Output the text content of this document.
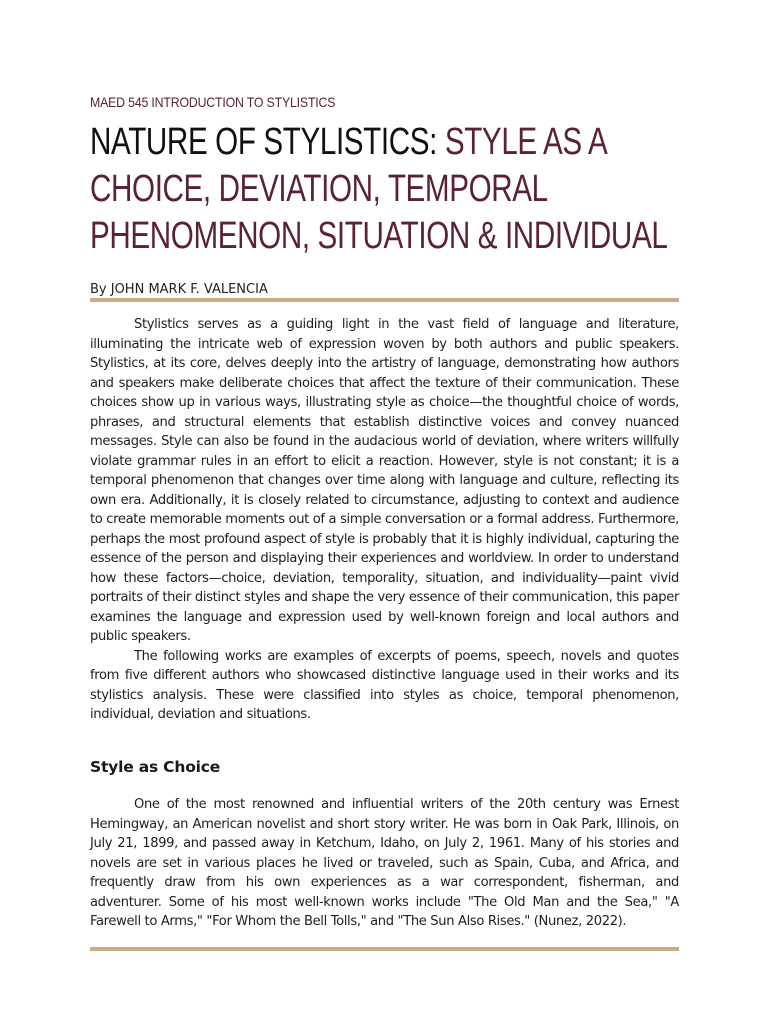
MAED 545 INTRODUCTION TO STYLISTICS
NATURE OF STYLISTICS: STYLE AS A CHOICE, DEVIATION, TEMPORAL PHENOMENON, SITUATION & INDIVIDUAL
By JOHN MARK F. VALENCIA

Stylistics serves as a guiding light in the vast field of language and literature, illuminating the intricate web of expression woven by both authors and public speakers. Stylistics, at its core, delves deeply into the artistry of language, demonstrating how authors and speakers make deliberate choices that affect the texture of their communication. These choices show up in various ways, illustrating style as choice—the thoughtful choice of words, phrases, and structural elements that establish distinctive voices and convey nuanced messages. Style can also be found in the audacious world of deviation, where writers willfully violate grammar rules in an effort to elicit a reaction. However, style is not constant; it is a temporal phenomenon that changes over time along with language and culture, reflecting its own era. Additionally, it is closely related to circumstance, adjusting to context and audience to create memorable moments out of a simple conversation or a formal address. Furthermore, perhaps the most profound aspect of style is probably that it is highly individual, capturing the essence of the person and displaying their experiences and worldview. In order to understand how these factors—choice, deviation, temporality, situation, and individuality—paint vivid portraits of their distinct styles and shape the very essence of their communication, this paper examines the language and expression used by well-known foreign and local authors and public speakers.

The following works are examples of excerpts of poems, speech, novels and quotes from five different authors who showcased distinctive language used in their works and its stylistics analysis. These were classified into styles as choice, temporal phenomenon, individual, deviation and situations.

Style as Choice

One of the most renowned and influential writers of the 20th century was Ernest Hemingway, an American novelist and short story writer. He was born in Oak Park, Illinois, on July 21, 1899, and passed away in Ketchum, Idaho, on July 2, 1961. Many of his stories and novels are set in various places he lived or traveled, such as Spain, Cuba, and Africa, and frequently draw from his own experiences as a war correspondent, fisherman, and adventurer. Some of his most well-known works include "The Old Man and the Sea," "A Farewell to Arms," "For Whom the Bell Tolls," and "The Sun Also Rises." (Nunez, 2022).
